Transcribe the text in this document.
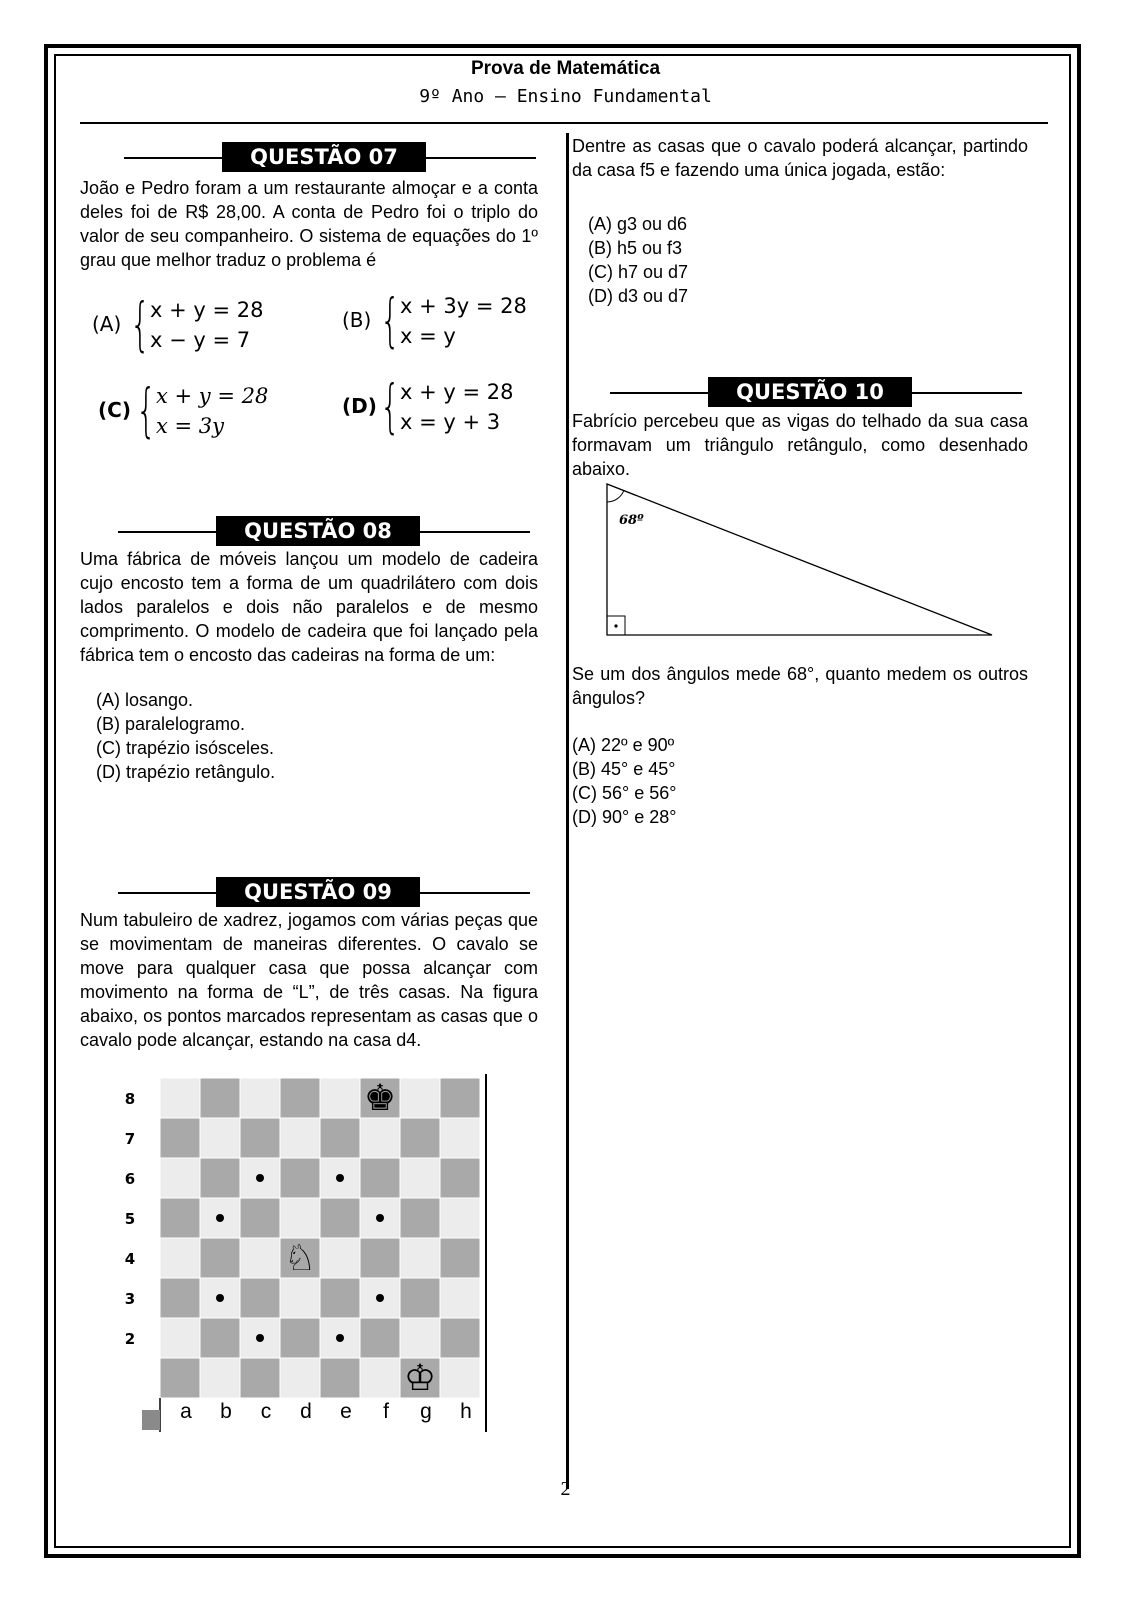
Prova de Matemática
9º Ano – Ensino Fundamental
QUESTÃO 07
João e Pedro foram a um restaurante almoçar e a conta deles foi de R$ 28,00. A conta de Pedro foi o triplo do valor de seu companheiro. O sistema de equações do 1º grau que melhor traduz o problema é
(A) { x + y = 28
x − y = 7
(B) { x + 3y = 28
x = y
(C) { x + y = 28
x = 3y
(D) { x + y = 28
x = y + 3
QUESTÃO 08
Uma fábrica de móveis lançou um modelo de cadeira cujo encosto tem a forma de um quadrilátero com dois lados paralelos e dois não paralelos e de mesmo comprimento. O modelo de cadeira que foi lançado pela fábrica tem o encosto das cadeiras na forma de um:
(A) losango.
(B) paralelogramo.
(C) trapézio isósceles.
(D) trapézio retângulo.
QUESTÃO 09
Num tabuleiro de xadrez, jogamos com várias peças que se movimentam de maneiras diferentes. O cavalo se move para qualquer casa que possa alcançar com movimento na forma de “L”, de três casas. Na figura abaixo, os pontos marcados representam as casas que o cavalo pode alcançar, estando na casa d4.
♚
♘
♔
8
7
6
5
4
3
2
a b c d e f g h
Dentre as casas que o cavalo poderá alcançar, partindo da casa f5 e fazendo uma única jogada, estão:
(A) g3 ou d6
(B) h5 ou f3
(C) h7 ou d7
(D) d3 ou d7
QUESTÃO 10
Fabrício percebeu que as vigas do telhado da sua casa formavam um triângulo retângulo, como desenhado abaixo.
68º
Se um dos ângulos mede 68°, quanto medem os outros ângulos?
(A) 22º e 90º
(B) 45° e 45°
(C) 56° e 56°
(D) 90° e 28°
2
